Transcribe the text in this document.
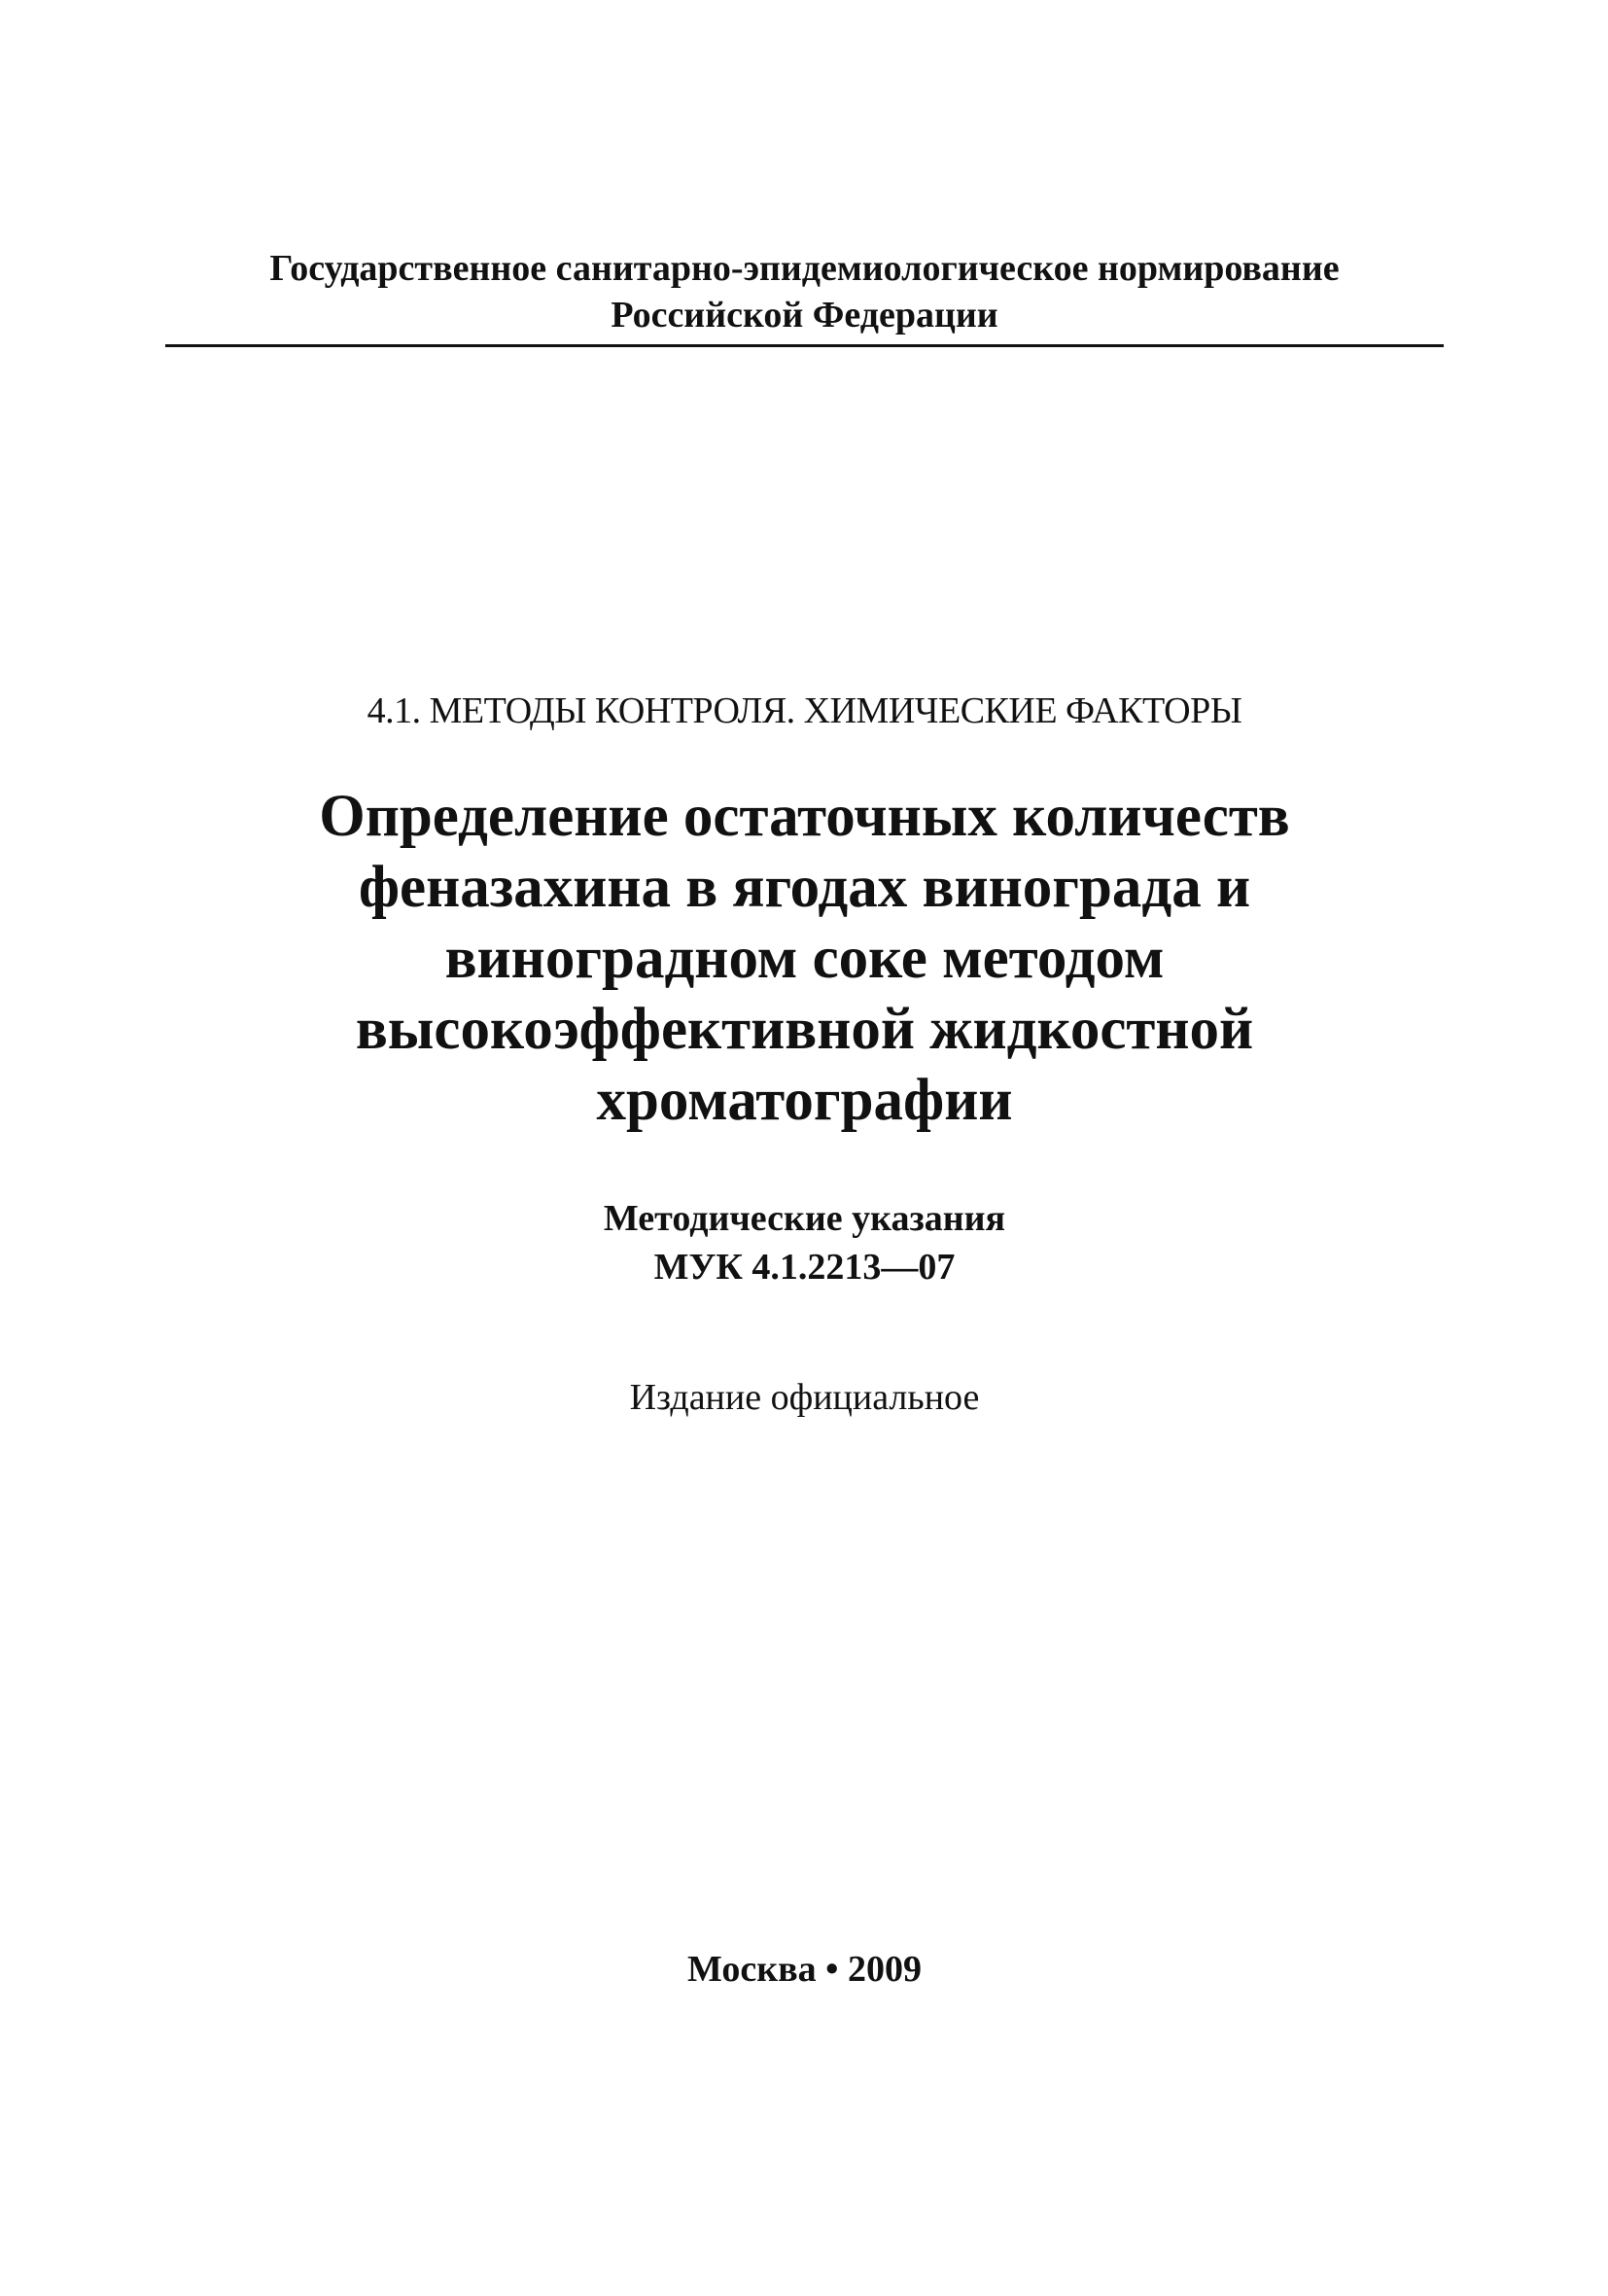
Государственное санитарно-эпидемиологическое нормирование
Российской Федерации
4.1. МЕТОДЫ КОНТРОЛЯ. ХИМИЧЕСКИЕ ФАКТОРЫ
Определение остаточных количеств
феназахина в ягодах винограда и
виноградном соке методом
высокоэффективной жидкостной
хроматографии
Методические указания
МУК 4.1.2213—07
Издание официальное
Москва • 2009
